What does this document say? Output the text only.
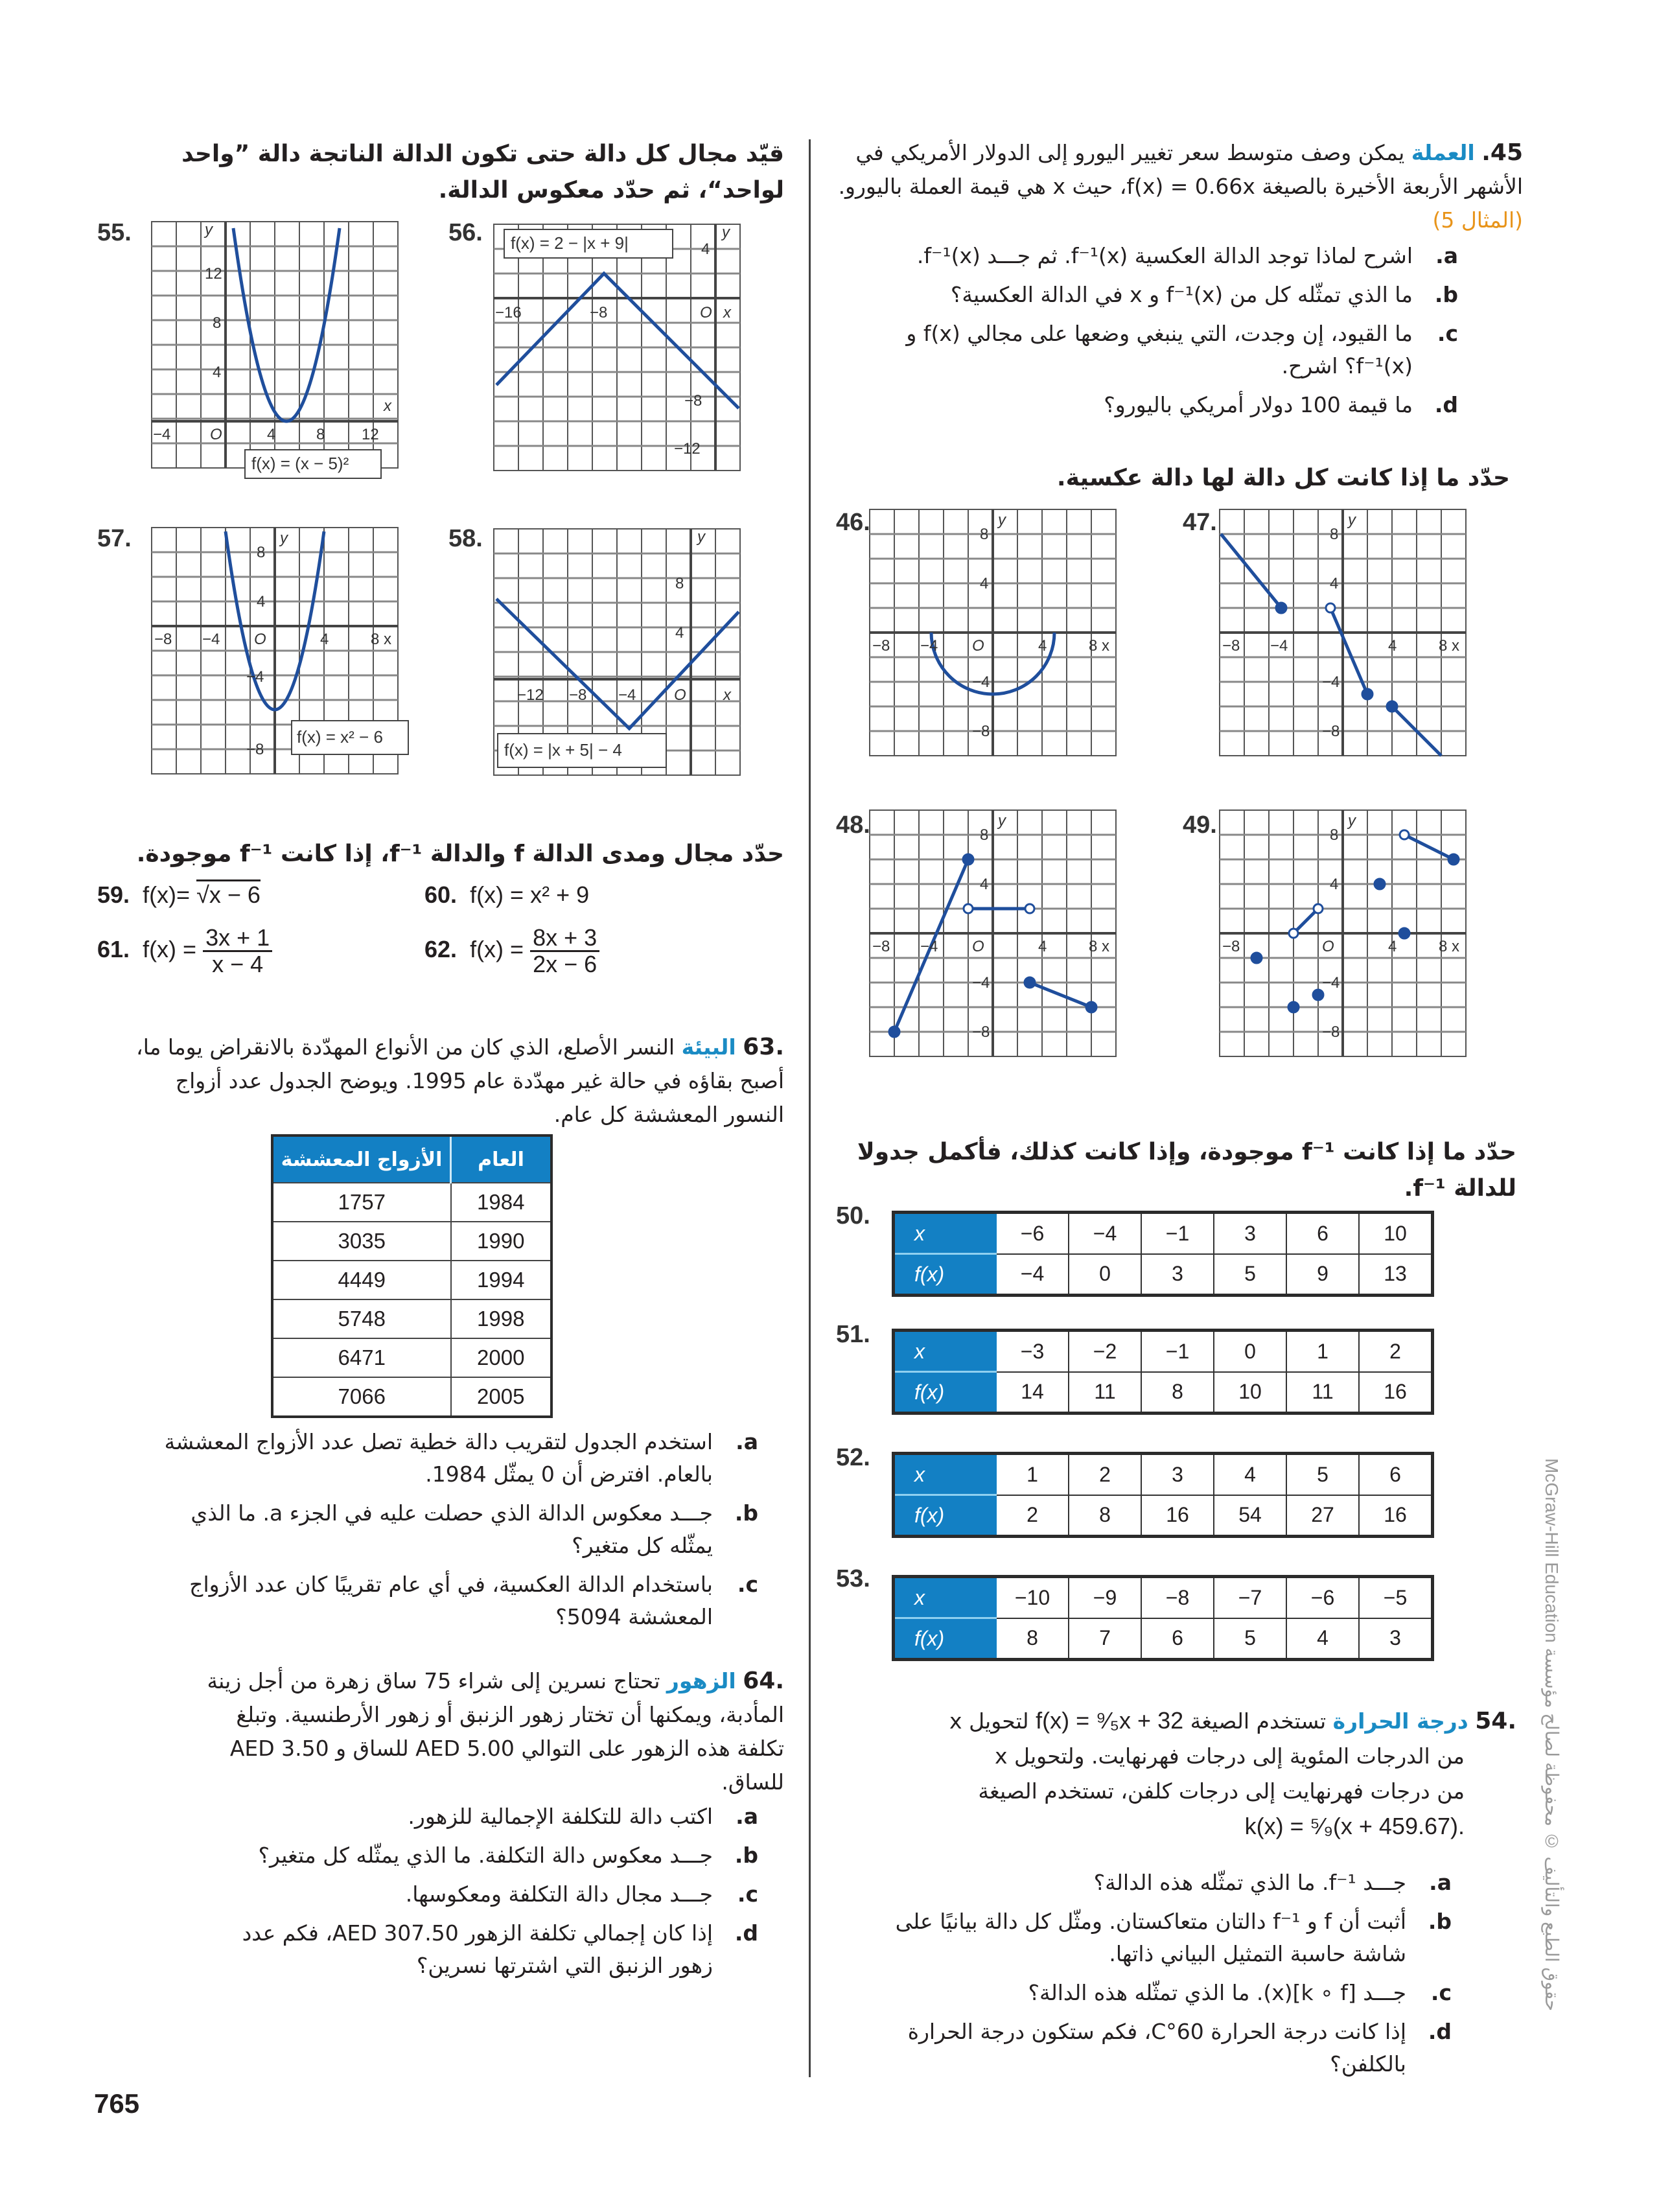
45. العملة يمكن وصف متوسط سعر تغيير اليورو إلى الدولار الأمريكي في الأشهر الأربعة الأخيرة بالصيغة f(x) = 0.66x، حيث x هي قيمة العملة باليورو. (المثال 5)
a.
اشرح لماذا توجد الدالة العكسية f⁻¹(x). ثم جـــد f⁻¹(x).
b.
ما الذي تمثّله كل من f⁻¹(x) و x في الدالة العكسية؟
c.
ما القيود، إن وجدت، التي ينبغي وضعها على مجالي f(x) و f⁻¹(x)؟ اشرح.
d.
ما قيمة 100 دولار أمريكي باليورو؟
حدّد ما إذا كانت كل دالة لها دالة عكسية.
46.
−8 −4 O	4	8 x
8
4
y
−4
−8
47.
−8 −4	4	8 x
8
4
y
−4
−8
48.
−8 −4 O	4	8 x
8
4
y
−4
−8
49.
−8	O	4	8 x
8
4
y
−4
−8
حدّد ما إذا كانت f⁻¹ موجودة، وإذا كانت كذلك، فأكمل جدولا للدالة f⁻¹.
50.
x	−6	−4	−1	3	6	10
f(x)	−4	0	3	5	9	13
51.
x	−3	−2	−1	0	1	2
f(x)	14	11	8	10	11	16
52.
x	1	2	3	4	5	6
f(x)	2	8	16	54	27	16
53.
x	−10	−9	−8	−7	−6	−5
f(x)	8	7	6	5	4	3
.54 درجة الحرارة تستخدم الصيغة f(x) = ⁹⁄₅x + 32 لتحويل x
من الدرجات المئوية إلى درجات فهرنهايت. ولتحويل x
من درجات فهرنهايت إلى درجات كلفن، تستخدم الصيغة
k(x) = ⁵⁄₉(x + 459.67).
a.
جـــد f⁻¹. ما الذي تمثّله هذه الدالة؟
b.
أثبت أن f و f⁻¹ دالتان متعاكستان. ومثّل كل دالة بيانيًا على شاشة حاسبة التمثيل البياني ذاتها.
c.
جـــد [k ∘ f](x). ما الذي تمثّله هذه الدالة؟
d.
إذا كانت درجة الحرارة 60°C، فكم ستكون درجة الحرارة بالكلفن؟
قيّد مجال كل دالة حتى تكون الدالة الناتجة دالة ”واحد لواحد“، ثم حدّد معكوس الدالة.
55.
−4	O	4	8 12
x
12
8
4
y
f(x) = (x − 5)²
56.
−16	−8	O x
4
−8
−12
y
f(x) = 2 − |x + 9|
57.
−8 −4 O	4	8 x
8
4
y
−4
−8
f(x) = x² − 6
58.
−12 −8 −4 O x
8
4
y
f(x) = |x + 5| − 4
حدّد مجال ومدى الدالة f والدالة f⁻¹، إذا كانت f⁻¹ موجودة.
59. f(x)= √x − 6	60. f(x) = x² + 9
61. $f(x) = \frac{3x + 1}{x - 4}$	62. $f(x) = \frac{8x + 3}{2x - 6}$
.63 البيئة النسر الأصلع، الذي كان من الأنواع المهدّدة بالانقراض يوما ما، أصبح بقاؤه في حالة غير مهدّدة عام 1995. ويوضح الجدول عدد أزواج النسور المعششة كل عام.
العام	الأزواج المعششة
1984	1757
1990	3035
1994	4449
1998	5748
2000	6471
2005	7066
a.
استخدم الجدول لتقريب دالة خطية تصل عدد الأزواج المعششة بالعام. افترض أن 0 يمثّل 1984.
b.
جـــد معكوس الدالة الذي حصلت عليه في الجزء a. ما الذي يمثّله كل متغير؟
c.
باستخدام الدالة العكسية، في أي عام تقريبًا كان عدد الأزواج المعششة 5094؟
.64 الزهور تحتاج نسرين إلى شراء 75 ساق زهرة من أجل زينة المأدبة، ويمكنها أن تختار زهور الزنبق أو زهور الأرطنسية. وتبلغ تكلفة هذه الزهور على التوالي AED 5.00 للساق و AED 3.50 للساق.
a.
اكتب دالة للتكلفة الإجمالية للزهور.
b.
جـــد معكوس دالة التكلفة. ما الذي يمثّله كل متغير؟
c.
جـــد مجال دالة التكلفة ومعكوسها.
d.
إذا كان إجمالي تكلفة الزهور AED 307.50، فكم عدد زهور الزنبق التي اشترتها نسرين؟
765
McGraw-Hill Education حقوق الطبع والتأليف © محفوظة لصالح مؤسسة
